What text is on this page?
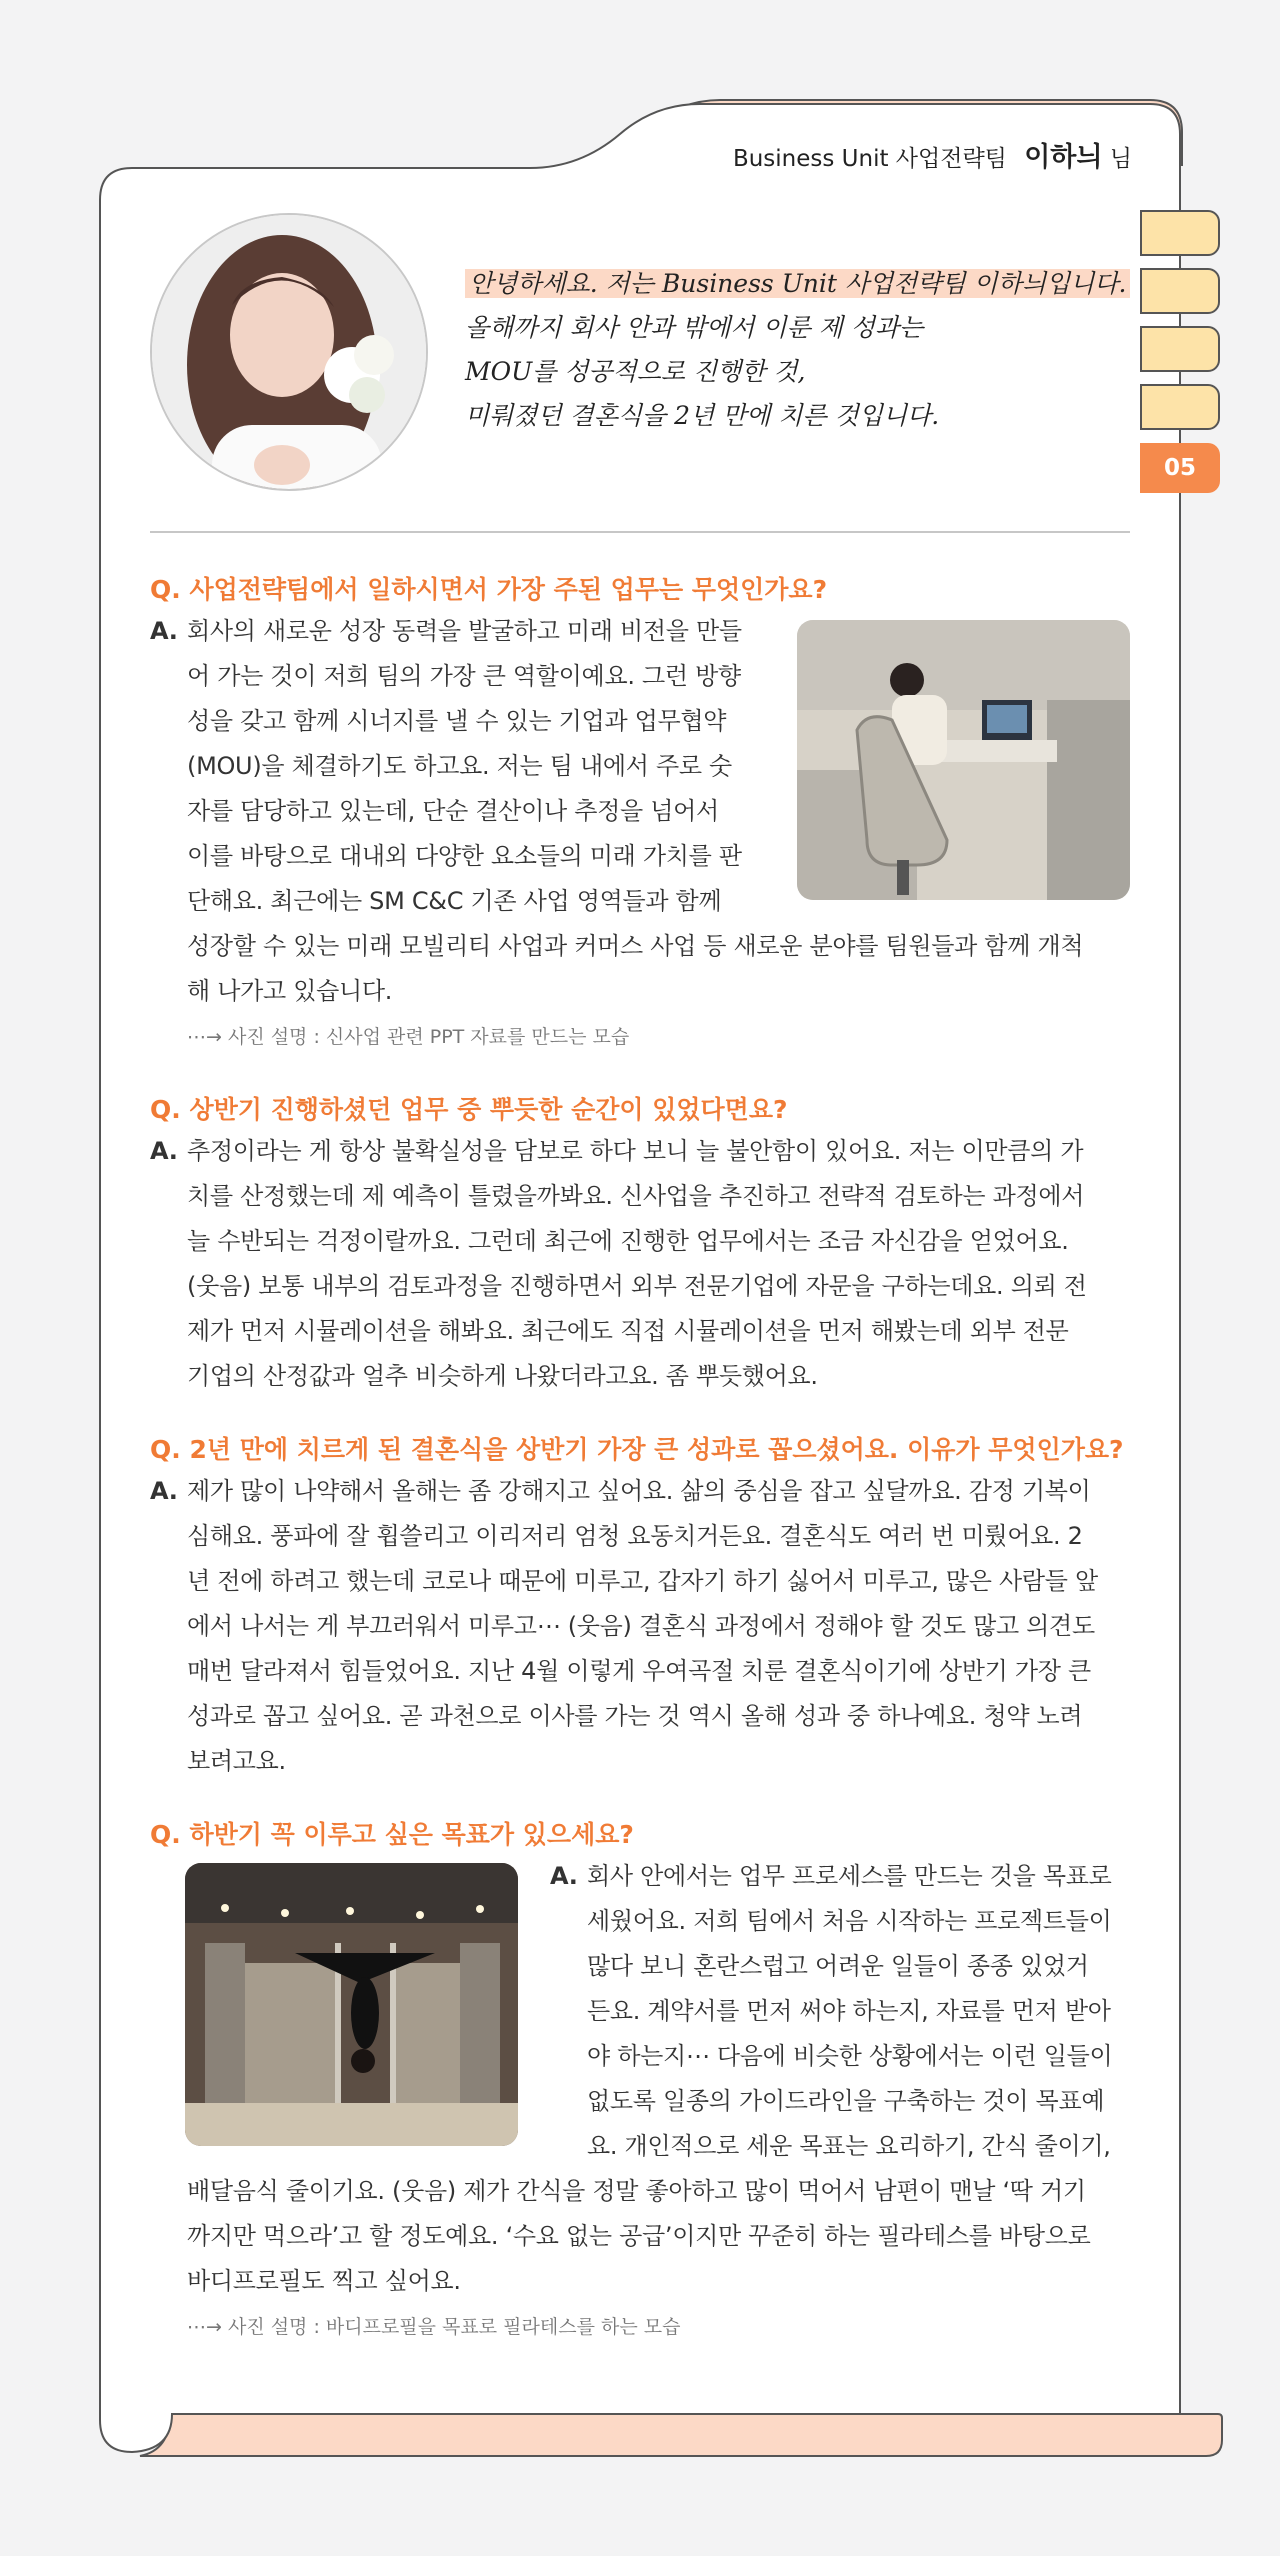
05
Business Unit 사업전략팀 이하늬 님
안녕하세요. 저는 Business Unit 사업전략팀 이하늬입니다.
올해까지 회사 안과 밖에서 이룬 제 성과는
MOU를 성공적으로 진행한 것,
미뤄졌던 결혼식을 2년 만에 치른 것입니다.
Q. 사업전략팀에서 일하시면서 가장 주된 업무는 무엇인가요?
A. 회사의 새로운 성장 동력을 발굴하고 미래 비전을 만들
어 가는 것이 저희 팀의 가장 큰 역할이예요. 그런 방향
성을 갖고 함께 시너지를 낼 수 있는 기업과 업무협약
(MOU)을 체결하기도 하고요. 저는 팀 내에서 주로 숫
자를 담당하고 있는데, 단순 결산이나 추정을 넘어서
이를 바탕으로 대내외 다양한 요소들의 미래 가치를 판
단해요. 최근에는 SM C&C 기존 사업 영역들과 함께
성장할 수 있는 미래 모빌리티 사업과 커머스 사업 등 새로운 분야를 팀원들과 함께 개척
해 나가고 있습니다.
⋯→ 사진 설명 : 신사업 관련 PPT 자료를 만드는 모습
Q. 상반기 진행하셨던 업무 중 뿌듯한 순간이 있었다면요?
A. 추정이라는 게 항상 불확실성을 담보로 하다 보니 늘 불안함이 있어요. 저는 이만큼의 가
치를 산정했는데 제 예측이 틀렸을까봐요. 신사업을 추진하고 전략적 검토하는 과정에서
늘 수반되는 걱정이랄까요. 그런데 최근에 진행한 업무에서는 조금 자신감을 얻었어요.
(웃음) 보통 내부의 검토과정을 진행하면서 외부 전문기업에 자문을 구하는데요. 의뢰 전
제가 먼저 시뮬레이션을 해봐요. 최근에도 직접 시뮬레이션을 먼저 해봤는데 외부 전문
기업의 산정값과 얼추 비슷하게 나왔더라고요. 좀 뿌듯했어요.
Q. 2년 만에 치르게 된 결혼식을 상반기 가장 큰 성과로 꼽으셨어요. 이유가 무엇인가요?
A. 제가 많이 나약해서 올해는 좀 강해지고 싶어요. 삶의 중심을 잡고 싶달까요. 감정 기복이
심해요. 풍파에 잘 휩쓸리고 이리저리 엄청 요동치거든요. 결혼식도 여러 번 미뤘어요. 2
년 전에 하려고 했는데 코로나 때문에 미루고, 갑자기 하기 싫어서 미루고, 많은 사람들 앞
에서 나서는 게 부끄러워서 미루고⋯ (웃음) 결혼식 과정에서 정해야 할 것도 많고 의견도
매번 달라져서 힘들었어요. 지난 4월 이렇게 우여곡절 치룬 결혼식이기에 상반기 가장 큰
성과로 꼽고 싶어요. 곧 과천으로 이사를 가는 것 역시 올해 성과 중 하나예요. 청약 노려
보려고요.
Q. 하반기 꼭 이루고 싶은 목표가 있으세요?
A. 회사 안에서는 업무 프로세스를 만드는 것을 목표로
세웠어요. 저희 팀에서 처음 시작하는 프로젝트들이
많다 보니 혼란스럽고 어려운 일들이 종종 있었거
든요. 계약서를 먼저 써야 하는지, 자료를 먼저 받아
야 하는지⋯ 다음에 비슷한 상황에서는 이런 일들이
없도록 일종의 가이드라인을 구축하는 것이 목표예
요. 개인적으로 세운 목표는 요리하기, 간식 줄이기,
배달음식 줄이기요. (웃음) 제가 간식을 정말 좋아하고 많이 먹어서 남편이 맨날 ‘딱 거기
까지만 먹으라’고 할 정도예요. ‘수요 없는 공급’이지만 꾸준히 하는 필라테스를 바탕으로
바디프로필도 찍고 싶어요.
⋯→ 사진 설명 : 바디프로필을 목표로 필라테스를 하는 모습
